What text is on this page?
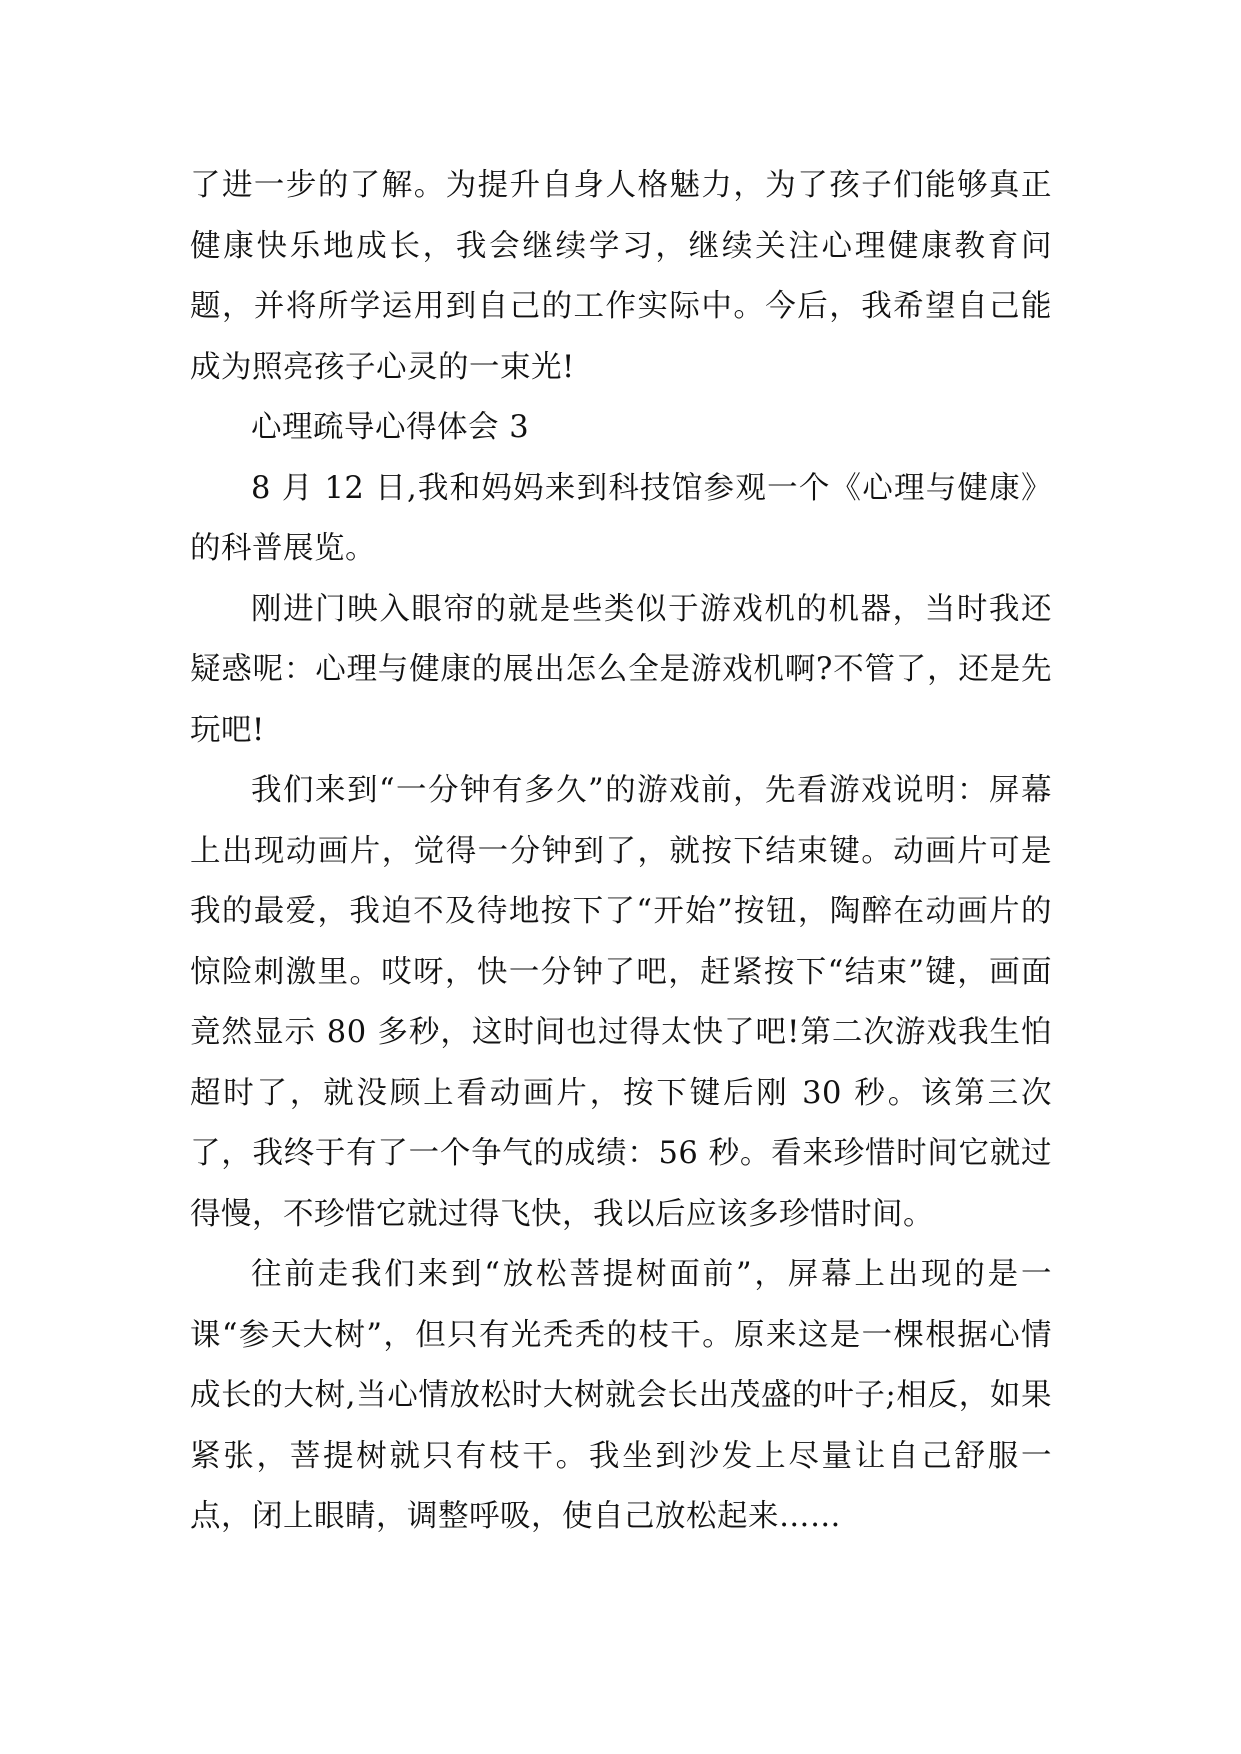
了进一步的了解。为提升自身人格魅力，为了孩子们能够真正健康快乐地成长，我会继续学习，继续关注心理健康教育问题，并将所学运用到自己的工作实际中。今后，我希望自己能成为照亮孩子心灵的一束光!

心理疏导心得体会 3

8 月 12 日,我和妈妈来到科技馆参观一个《心理与健康》的科普展览。

刚进门映入眼帘的就是些类似于游戏机的机器，当时我还疑惑呢：心理与健康的展出怎么全是游戏机啊?不管了，还是先玩吧!

我们来到“一分钟有多久”的游戏前，先看游戏说明：屏幕上出现动画片，觉得一分钟到了，就按下结束键。动画片可是我的最爱，我迫不及待地按下了“开始”按钮，陶醉在动画片的惊险刺激里。哎呀，快一分钟了吧，赶紧按下“结束”键，画面竟然显示 80 多秒，这时间也过得太快了吧!第二次游戏我生怕超时了，就没顾上看动画片，按下键后刚 30 秒。该第三次了，我终于有了一个争气的成绩：56 秒。看来珍惜时间它就过得慢，不珍惜它就过得飞快，我以后应该多珍惜时间。

往前走我们来到“放松菩提树面前”，屏幕上出现的是一课“参天大树”，但只有光秃秃的枝干。原来这是一棵根据心情成长的大树,当心情放松时大树就会长出茂盛的叶子;相反，如果紧张，菩提树就只有枝干。我坐到沙发上尽量让自己舒服一点，闭上眼睛，调整呼吸，使自己放松起来……
